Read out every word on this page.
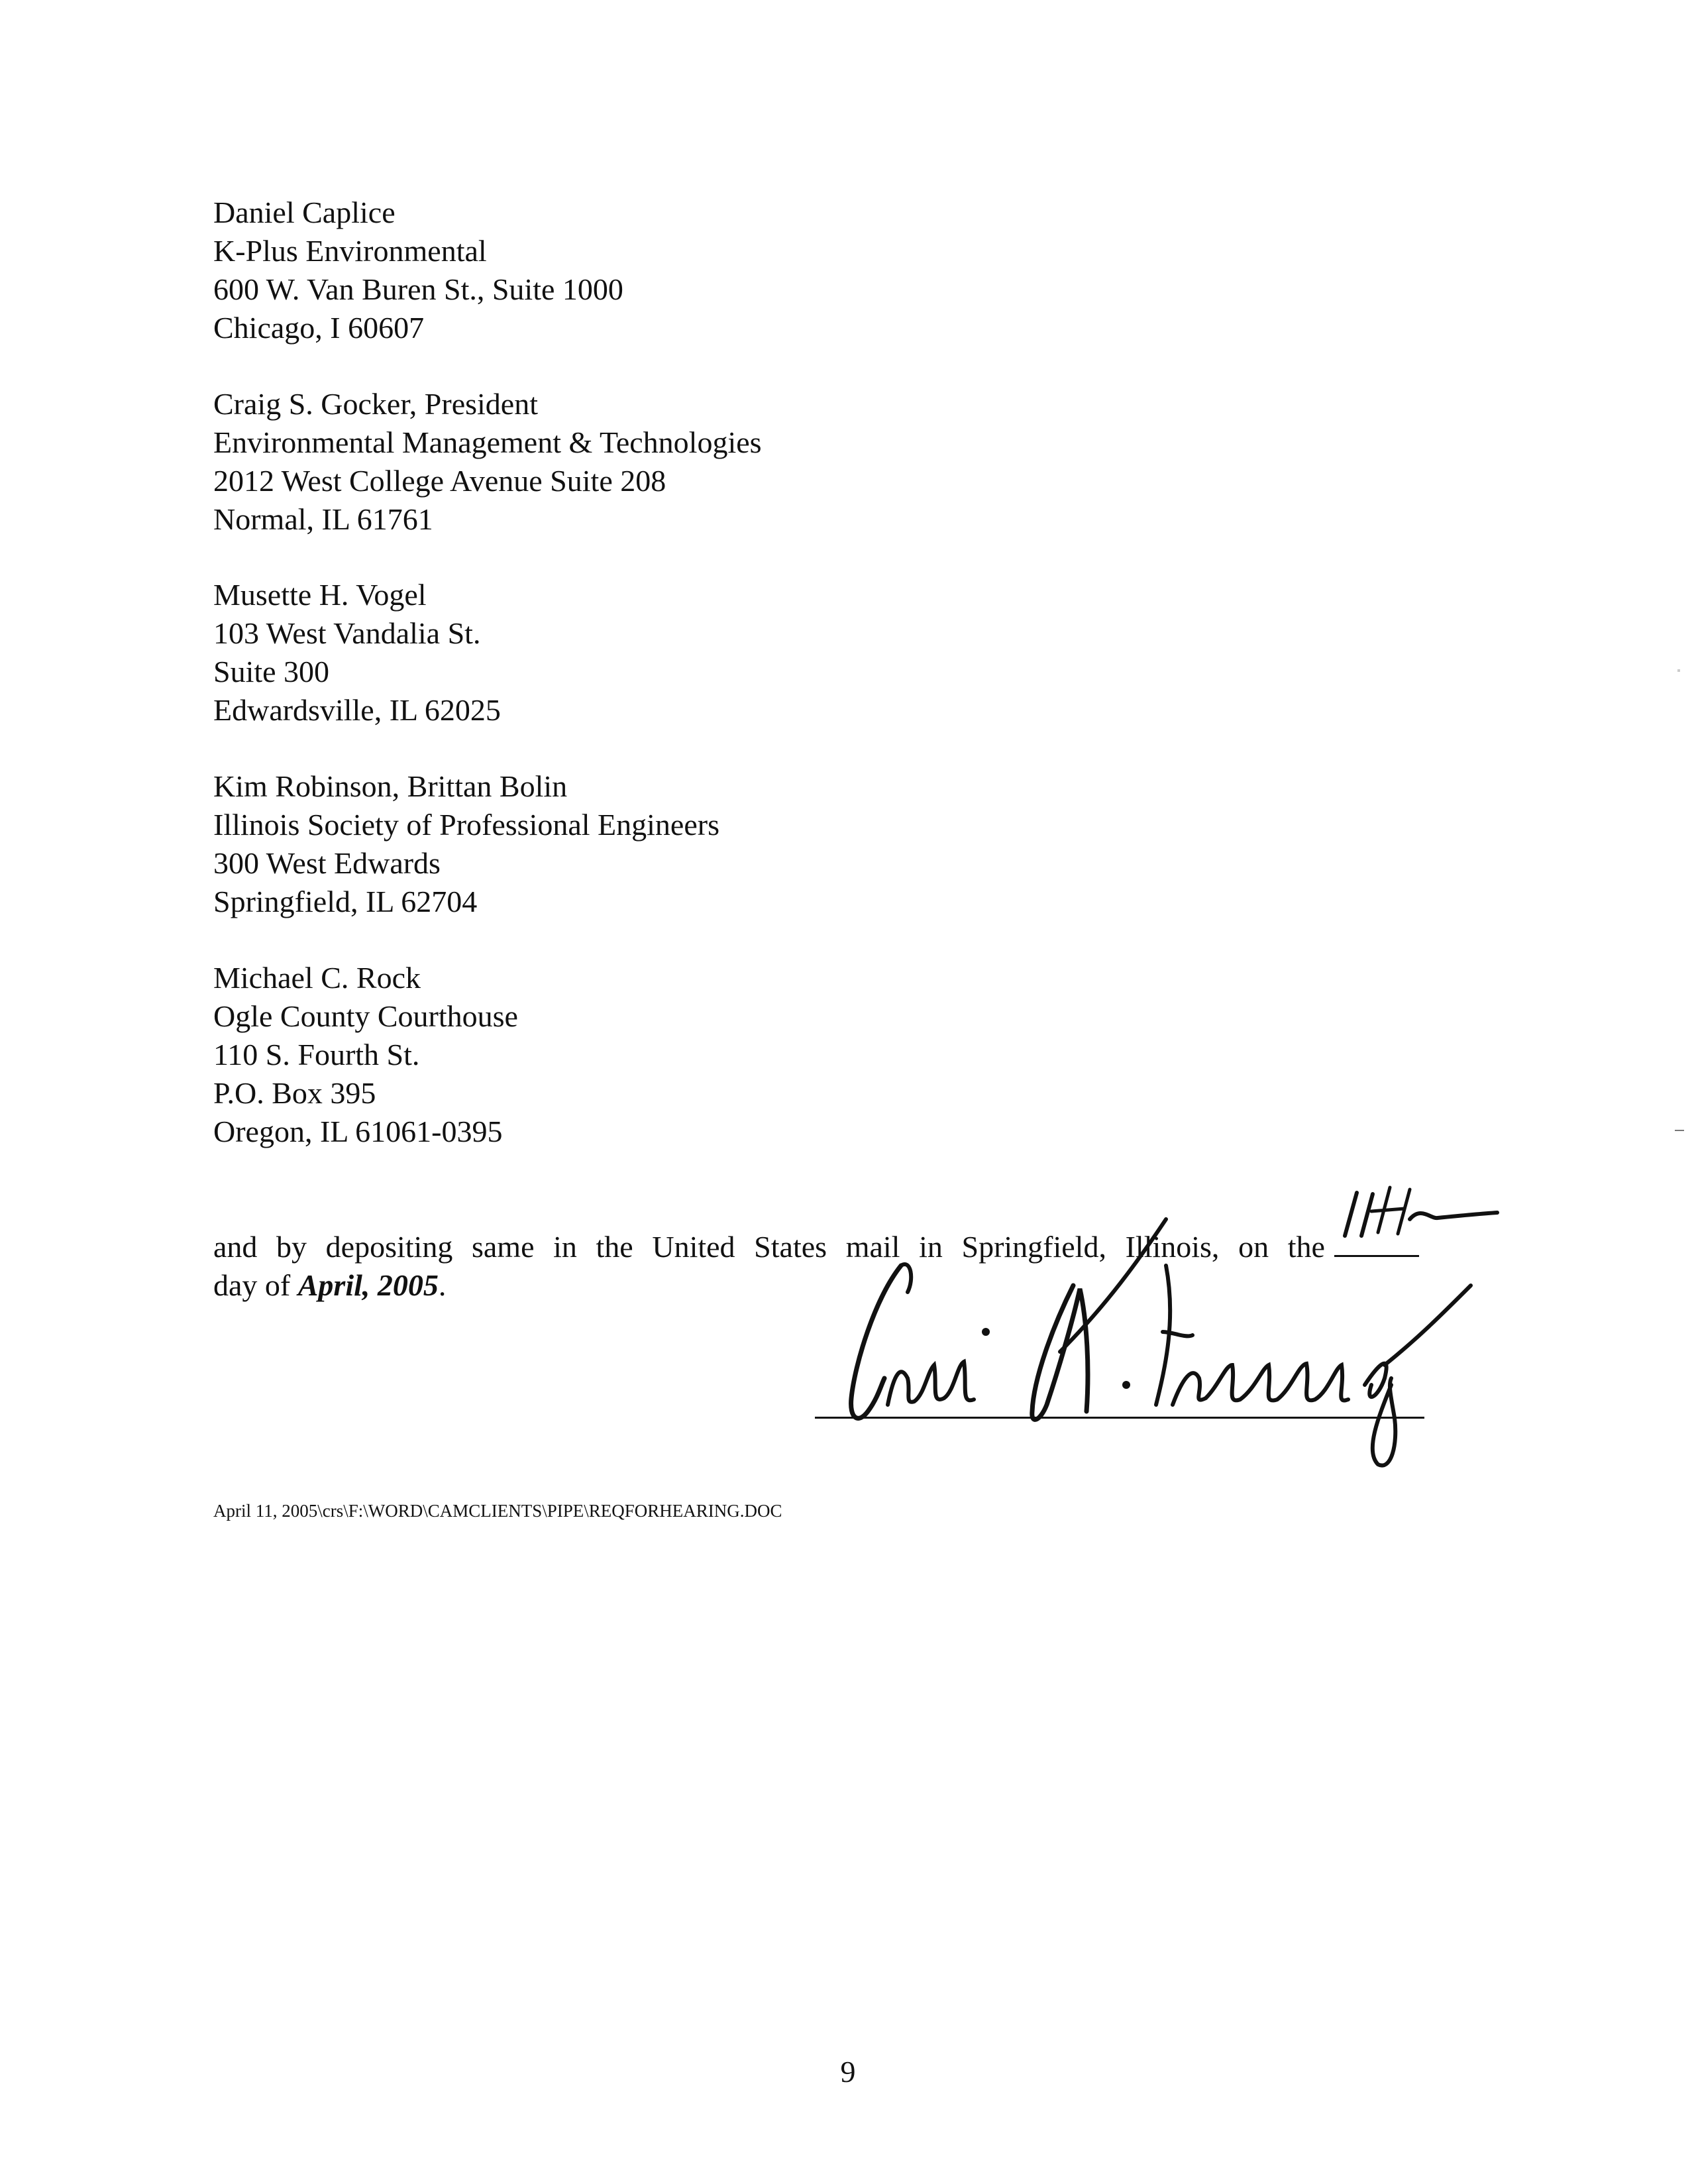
Daniel Caplice
K-Plus Environmental
600 W. Van Buren St., Suite 1000
Chicago, I 60607
Craig S. Gocker, President
Environmental Management & Technologies
2012 West College Avenue Suite 208
Normal, IL 61761
Musette H. Vogel
103 West Vandalia St.
Suite 300
Edwardsville, IL 62025
Kim Robinson, Brittan Bolin
Illinois Society of Professional Engineers
300 West Edwards
Springfield, IL 62704
Michael C. Rock
Ogle County Courthouse
110 S. Fourth St.
P.O. Box 395
Oregon, IL 61061-0395
and by depositing same in the United States mail in Springfield, Illinois, on the
day of April, 2005.
April 11, 2005\crs\F:\WORD\CAMCLIENTS\PIPE\REQFORHEARING.DOC
9
